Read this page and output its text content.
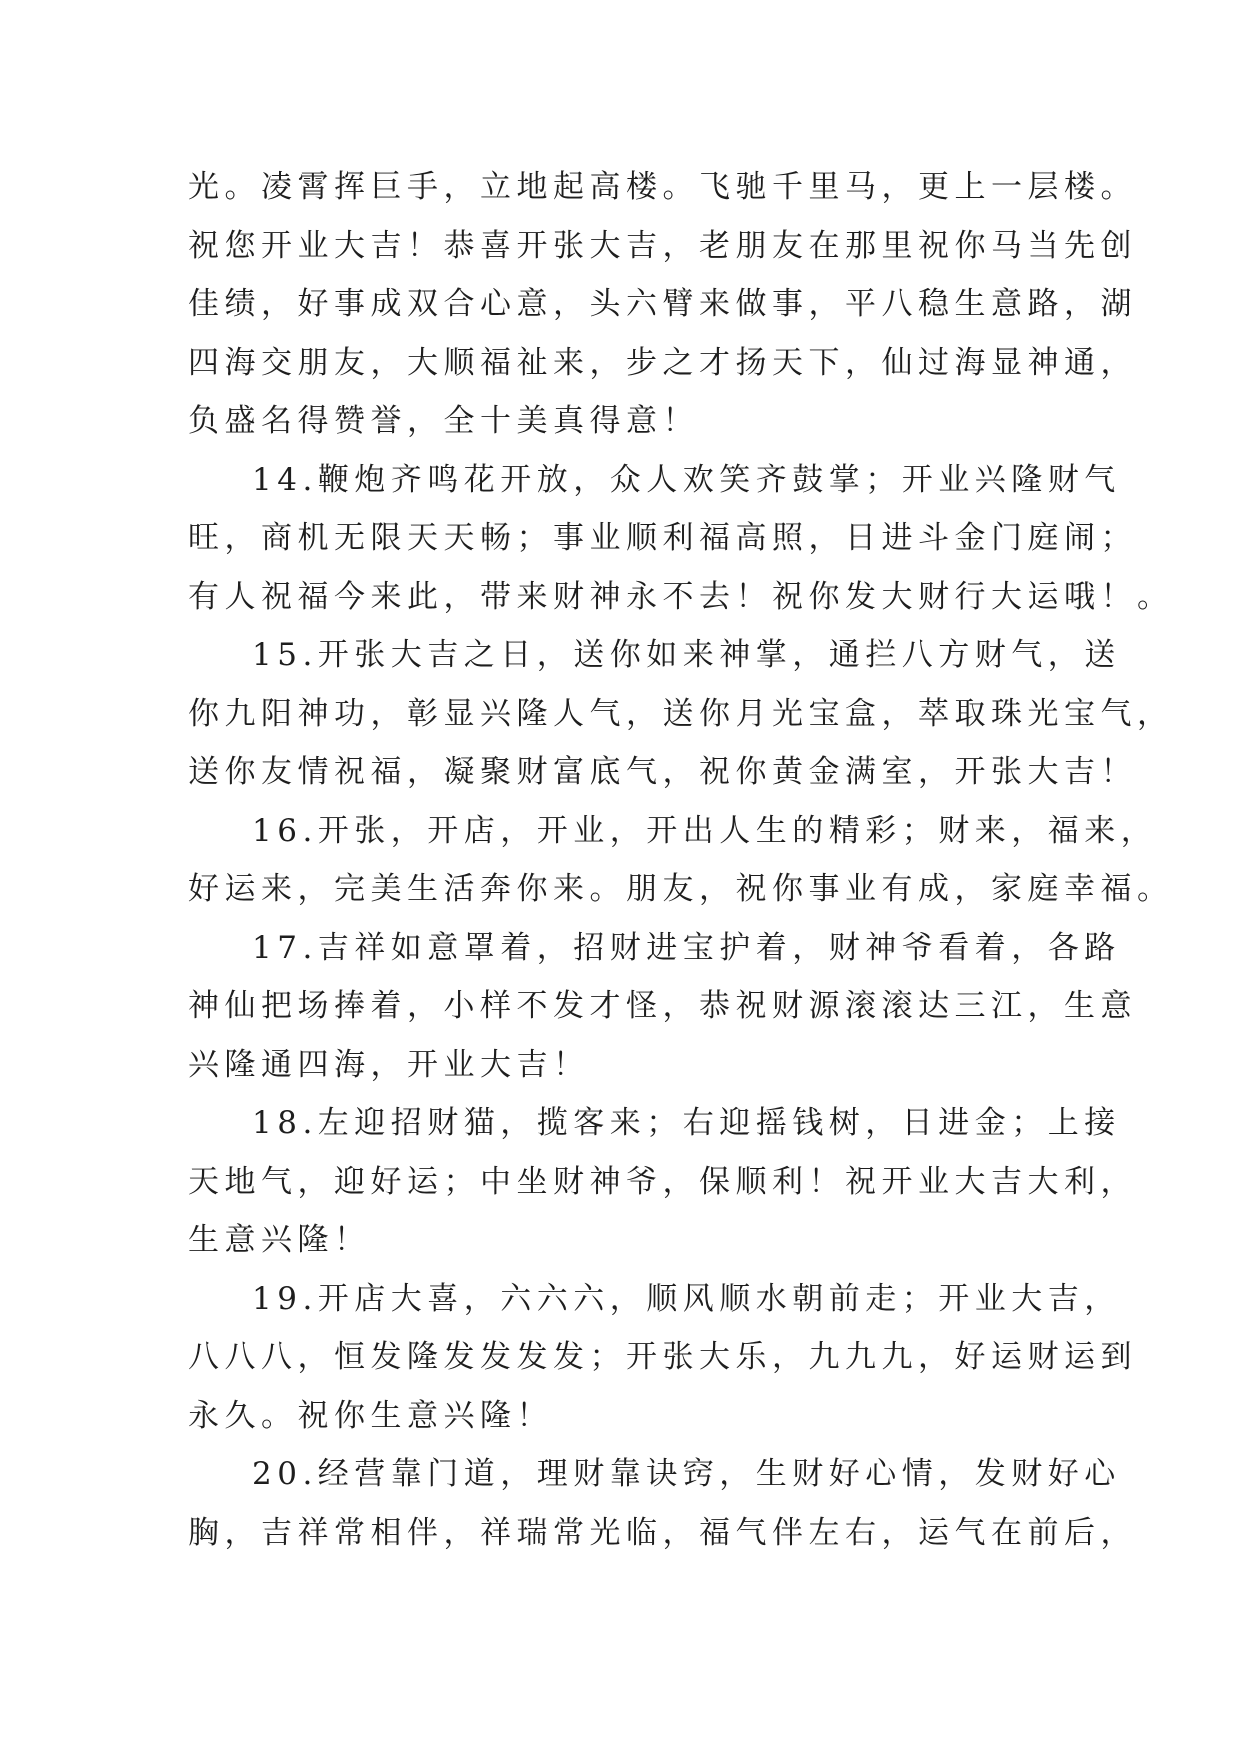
光。凌霄挥巨手，立地起高楼。飞驰千里马，更上一层楼。
祝您开业大吉！恭喜开张大吉，老朋友在那里祝你马当先创
佳绩，好事成双合心意，头六臂来做事，平八稳生意路，湖
四海交朋友，大顺福祉来，步之才扬天下，仙过海显神通，
负盛名得赞誉，全十美真得意！
14.鞭炮齐鸣花开放，众人欢笑齐鼓掌；开业兴隆财气
旺，商机无限天天畅；事业顺利福高照，日进斗金门庭闹；
有人祝福今来此，带来财神永不去！祝你发大财行大运哦！。
15.开张大吉之日，送你如来神掌，通拦八方财气，送
你九阳神功，彰显兴隆人气，送你月光宝盒，萃取珠光宝气，
送你友情祝福，凝聚财富底气，祝你黄金满室，开张大吉！
16.开张，开店，开业，开出人生的精彩；财来，福来，
好运来，完美生活奔你来。朋友，祝你事业有成，家庭幸福。
17.吉祥如意罩着，招财进宝护着，财神爷看着，各路
神仙把场捧着，小样不发才怪，恭祝财源滚滚达三江，生意
兴隆通四海，开业大吉！
18.左迎招财猫，揽客来；右迎摇钱树，日进金；上接
天地气，迎好运；中坐财神爷，保顺利！祝开业大吉大利，
生意兴隆！
19.开店大喜，六六六，顺风顺水朝前走；开业大吉，
八八八，恒发隆发发发发；开张大乐，九九九，好运财运到
永久。祝你生意兴隆！
20.经营靠门道，理财靠诀窍，生财好心情，发财好心
胸，吉祥常相伴，祥瑞常光临，福气伴左右，运气在前后，
